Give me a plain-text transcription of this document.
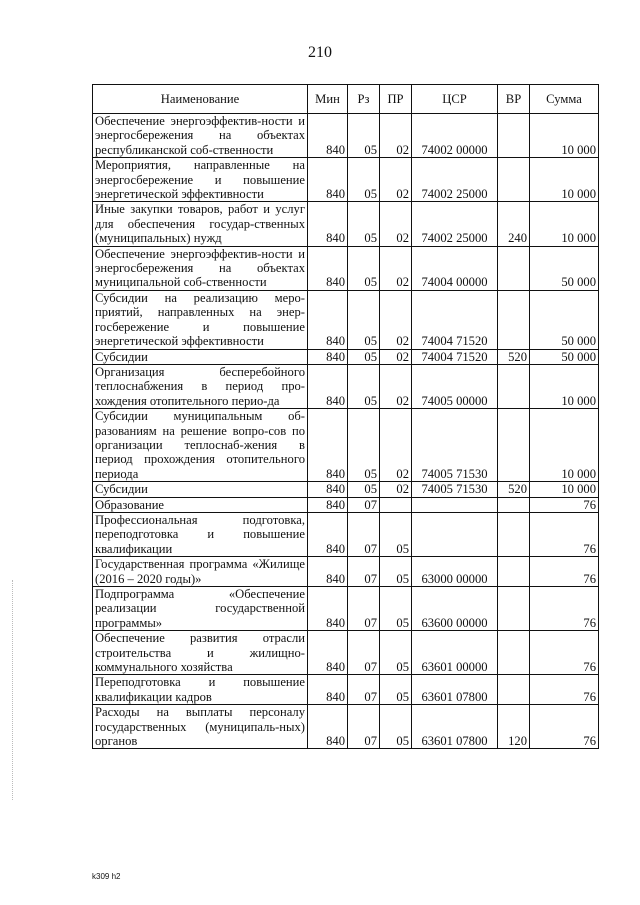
210
Наименование	Мин	Рз	ПР	ЦСР	ВР	Сумма
Обеспечение энергоэффектив-ности и энергосбережения на объектах республиканской соб-ственности	840	05	02	74002 00000		10 000
Мероприятия, направленные на энергосбережение и повышение энергетической эффективности	840	05	02	74002 25000		10 000
Иные закупки товаров, работ и услуг для обеспечения государ-ственных (муниципальных) нужд	840	05	02	74002 25000	240	10 000
Обеспечение энергоэффектив-ности и энергосбережения на объектах муниципальной соб-ственности	840	05	02	74004 00000		50 000
Субсидии на реализацию меро-приятий, направленных на энер-госбережение и повышение энергетической эффективности	840	05	02	74004 71520		50 000
Субсидии	840	05	02	74004 71520	520	50 000
Организация бесперебойного теплоснабжения в период про-хождения отопительного перио-да	840	05	02	74005 00000		10 000
Субсидии муниципальным об-разованиям на решение вопро-сов по организации теплоснаб-жения в период прохождения отопительного периода	840	05	02	74005 71530		10 000
Субсидии	840	05	02	74005 71530	520	10 000
Образование	840	07				76
Профессиональная подготовка, переподготовка и повышение квалификации	840	07	05			76
Государственная программа «Жилище (2016 – 2020 годы)»	840	07	05	63000 00000		76
Подпрограмма «Обеспечение реализации государственной программы»	840	07	05	63600 00000		76
Обеспечение развития отрасли строительства и жилищно-коммунального хозяйства	840	07	05	63601 00000		76
Переподготовка и повышение квалификации кадров	840	07	05	63601 07800		76
Расходы на выплаты персоналу государственных (муниципаль-ных) органов	840	07	05	63601 07800	120	76
k309 h2
